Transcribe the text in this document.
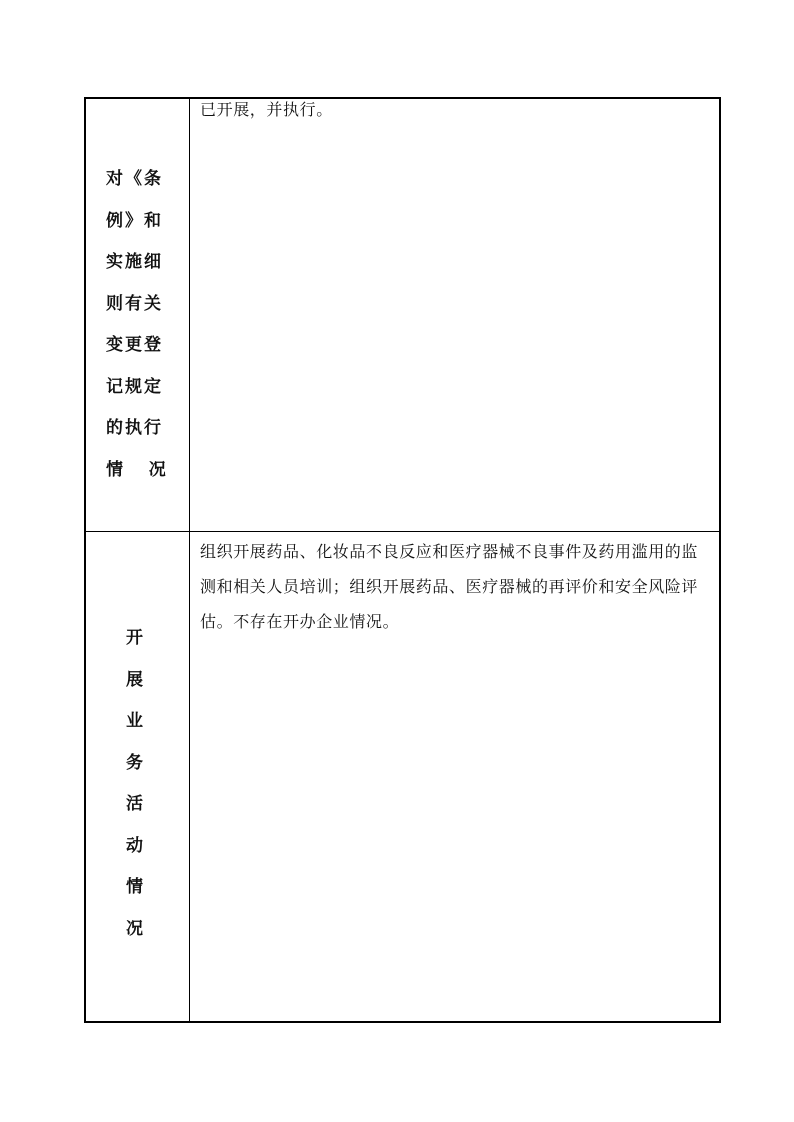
对《条
例》和
实施细
则有关
变更登
记规定
的执行
情   况
已开展，并执行。
开
展
业
务
活
动
情
况
组织开展药品、化妆品不良反应和医疗器械不良事件及药用滥用的监测和相关人员培训；组织开展药品、医疗器械的再评价和安全风险评估。不存在开办企业情况。
